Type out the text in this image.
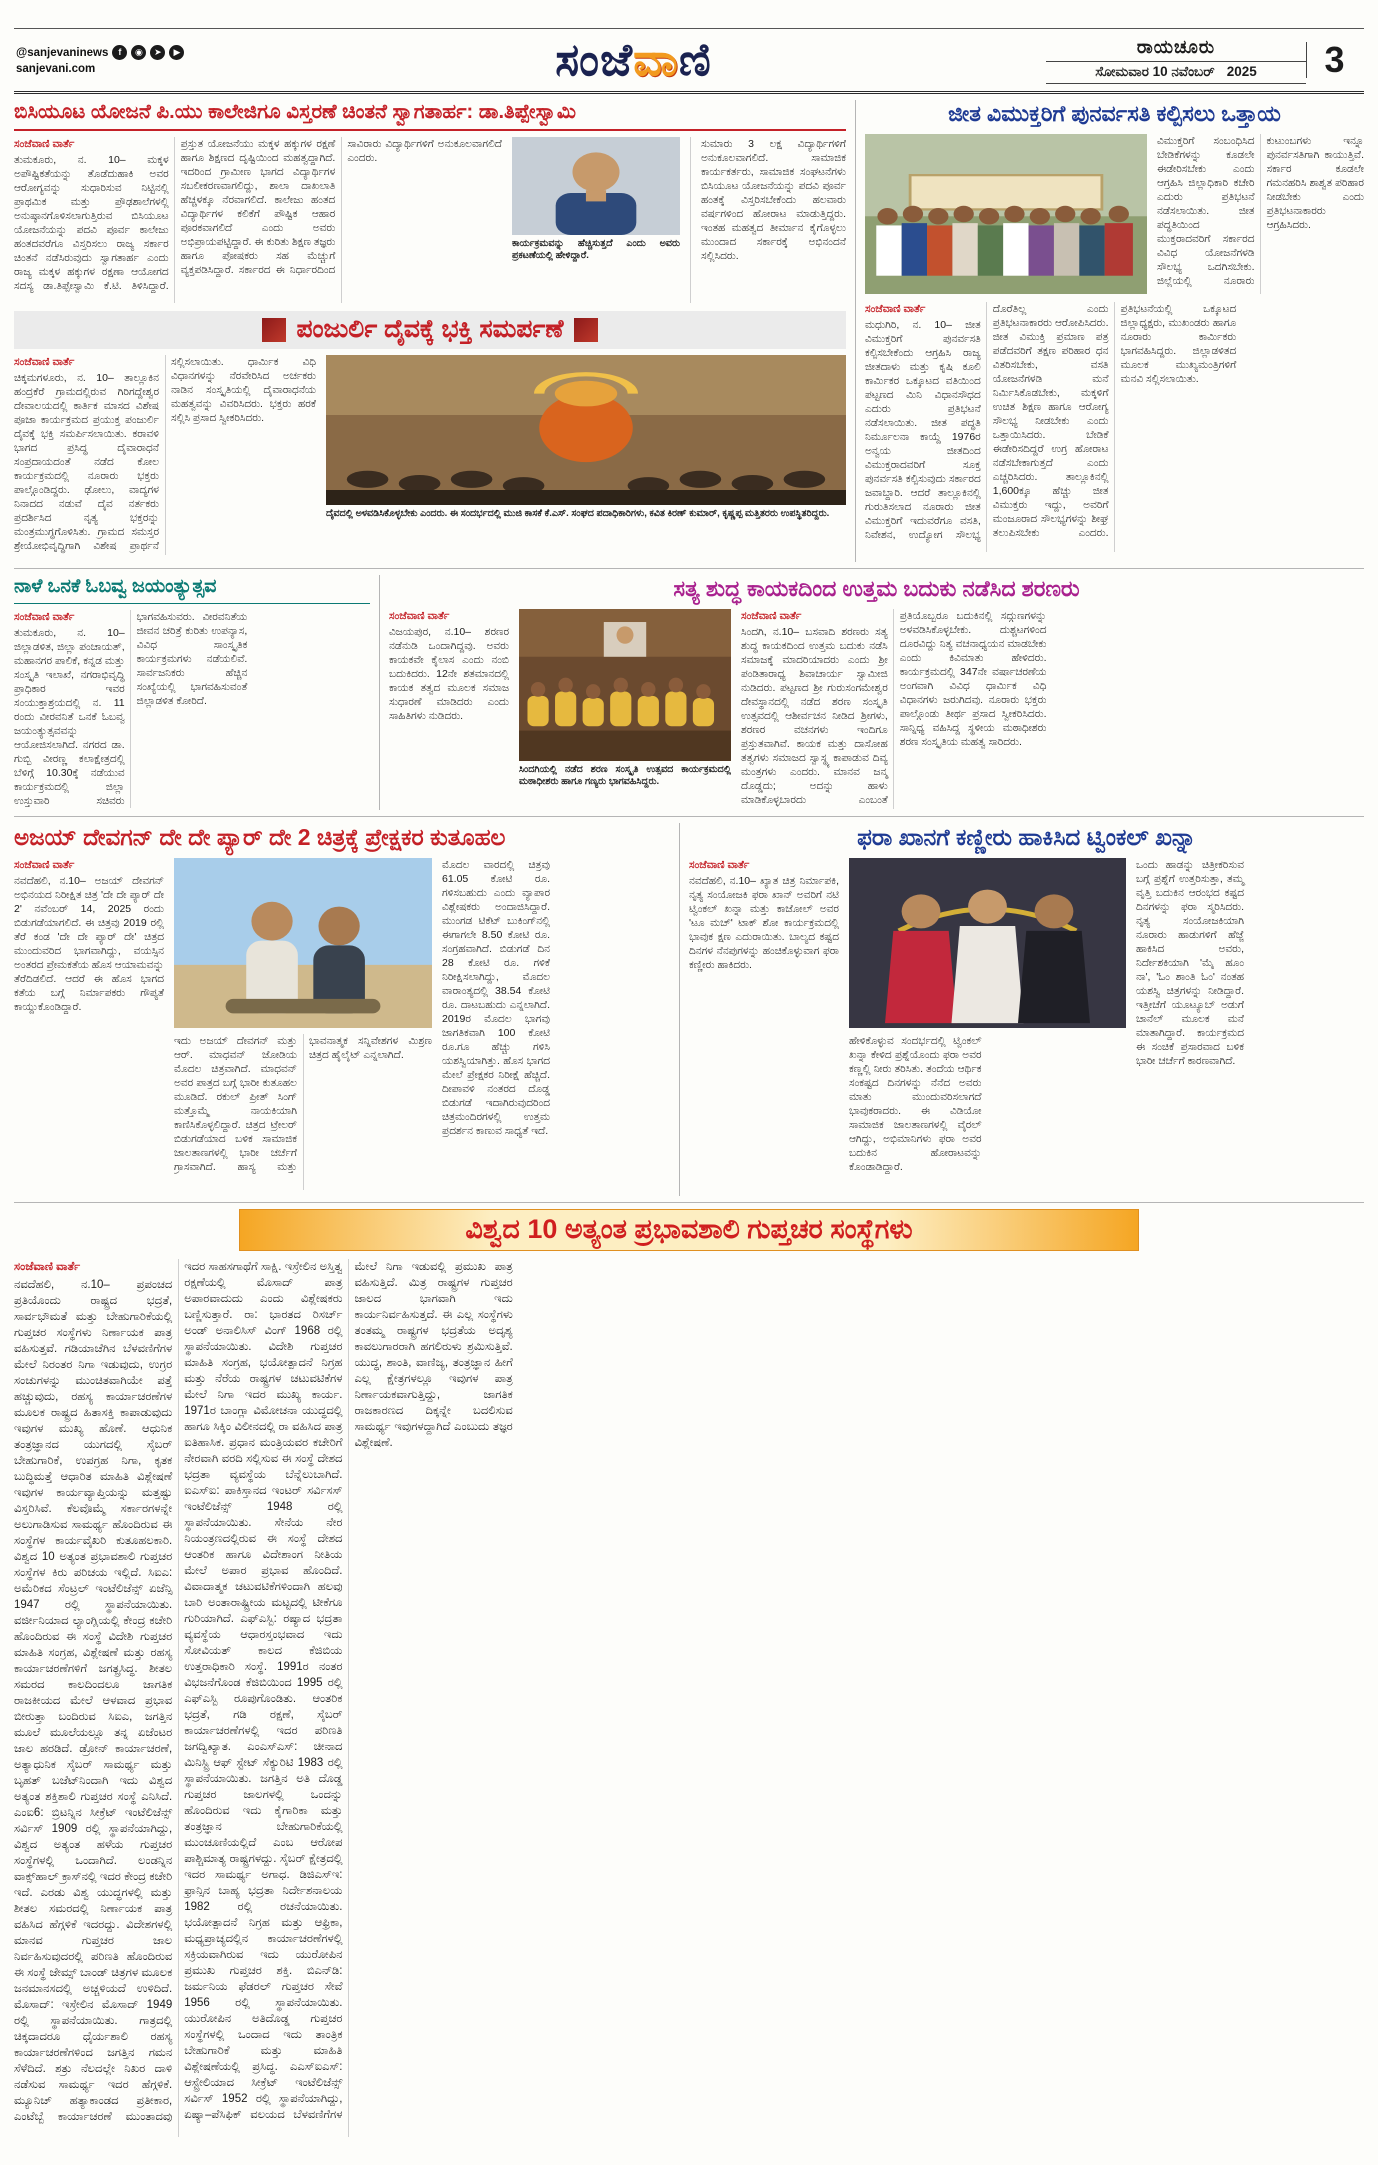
@sanjevaninews	f	◉	➤	▶
sanjevani.com	ಸಂಜೆವಾಣಿ	ರಾಯಚೂರು
ಸೋಮವಾರ 10 ನವೆಂಬರ್ 2025	3
ಬಿಸಿಯೂಟ ಯೋಜನೆ ಪಿ.ಯು ಕಾಲೇಜಿಗೂ ವಿಸ್ತರಣೆ ಚಿಂತನೆ ಸ್ವಾಗತಾರ್ಹ: ಡಾ.ತಿಪ್ಪೇಸ್ವಾಮಿ

ಸಂಜೆವಾಣಿ ವಾರ್ತೆ

ತುಮಕೂರು, ನ. 10– ಮಕ್ಕಳ ಅಪೌಷ್ಟಿಕತೆಯನ್ನು ತೊಡೆದುಹಾಕಿ ಅವರ ಆರೋಗ್ಯವನ್ನು ಸುಧಾರಿಸುವ ನಿಟ್ಟಿನಲ್ಲಿ ಪ್ರಾಥಮಿಕ ಮತ್ತು ಪ್ರೌಢಶಾಲೆಗಳಲ್ಲಿ ಅನುಷ್ಠಾನಗೊಳಿಸಲಾಗುತ್ತಿರುವ ಬಿಸಿಯೂಟ ಯೋಜನೆಯನ್ನು ಪದವಿ ಪೂರ್ವ ಕಾಲೇಜು ಹಂತದವರೆಗೂ ವಿಸ್ತರಿಸಲು ರಾಜ್ಯ ಸರ್ಕಾರ ಚಿಂತನೆ ನಡೆಸಿರುವುದು ಸ್ವಾಗತಾರ್ಹ ಎಂದು ರಾಜ್ಯ ಮಕ್ಕಳ ಹಕ್ಕುಗಳ ರಕ್ಷಣಾ ಆಯೋಗದ ಸದಸ್ಯ ಡಾ.ತಿಪ್ಪೇಸ್ವಾಮಿ ಕೆ.ಟಿ. ತಿಳಿಸಿದ್ದಾರೆ. ಪ್ರಸ್ತುತ ಯೋಜನೆಯು ಮಕ್ಕಳ ಹಕ್ಕುಗಳ ರಕ್ಷಣೆ ಹಾಗೂ ಶಿಕ್ಷಣದ ದೃಷ್ಟಿಯಿಂದ ಮಹತ್ವದ್ದಾಗಿದೆ. ಇದರಿಂದ ಗ್ರಾಮೀಣ ಭಾಗದ ವಿದ್ಯಾರ್ಥಿಗಳ ಸಬಲೀಕರಣವಾಗಲಿದ್ದು, ಶಾಲಾ ದಾಖಲಾತಿ ಹೆಚ್ಚಳಕ್ಕೂ ನೆರವಾಗಲಿದೆ. ಕಾಲೇಜು ಹಂತದ ವಿದ್ಯಾರ್ಥಿಗಳ ಕಲಿಕೆಗೆ ಪೌಷ್ಟಿಕ ಆಹಾರ ಪೂರಕವಾಗಲಿದೆ ಎಂದು ಅವರು ಅಭಿಪ್ರಾಯಪಟ್ಟಿದ್ದಾರೆ. ಈ ಕುರಿತು ಶಿಕ್ಷಣ ತಜ್ಞರು ಹಾಗೂ ಪೋಷಕರು ಸಹ ಮೆಚ್ಚುಗೆ ವ್ಯಕ್ತಪಡಿಸಿದ್ದಾರೆ. ಸರ್ಕಾರದ ಈ ನಿರ್ಧಾರದಿಂದ ಸಾವಿರಾರು ವಿದ್ಯಾರ್ಥಿಗಳಿಗೆ ಅನುಕೂಲವಾಗಲಿದೆ ಎಂದರು.

ಕಾರ್ಯಕ್ರಮವನ್ನು ಹೆಚ್ಚಿಸುತ್ತದೆ ಎಂದು ಅವರು ಪ್ರಕಟಣೆಯಲ್ಲಿ ಹೇಳಿದ್ದಾರೆ.

ಸುಮಾರು 3 ಲಕ್ಷ ವಿದ್ಯಾರ್ಥಿಗಳಿಗೆ ಅನುಕೂಲವಾಗಲಿದೆ. ಸಾಮಾಜಿಕ ಕಾರ್ಯಕರ್ತರು, ಸಾಮಾಜಿಕ ಸಂಘಟನೆಗಳು ಬಿಸಿಯೂಟ ಯೋಜನೆಯನ್ನು ಪದವಿ ಪೂರ್ವ ಹಂತಕ್ಕೆ ವಿಸ್ತರಿಸಬೇಕೆಂದು ಹಲವಾರು ವರ್ಷಗಳಿಂದ ಹೋರಾಟ ಮಾಡುತ್ತಿದ್ದರು. ಇಂತಹ ಮಹತ್ವದ ತೀರ್ಮಾನ ಕೈಗೊಳ್ಳಲು ಮುಂದಾದ ಸರ್ಕಾರಕ್ಕೆ ಅಭಿನಂದನೆ ಸಲ್ಲಿಸಿದರು.
ಪಂಜುರ್ಲಿ ದೈವಕ್ಕೆ ಭಕ್ತಿ ಸಮರ್ಪಣೆ

ಸಂಜೆವಾಣಿ ವಾರ್ತೆ

ಚಿಕ್ಕಮಗಳೂರು, ನ. 10– ತಾಲ್ಲೂಕಿನ ಹಂದ್ರಕೆರೆ ಗ್ರಾಮದಲ್ಲಿರುವ ಗಿರಿಗದ್ದೇಶ್ವರ ದೇವಾಲಯದಲ್ಲಿ ಕಾರ್ತಿಕ ಮಾಸದ ವಿಶೇಷ ಪೂಜಾ ಕಾರ್ಯಕ್ರಮದ ಪ್ರಯುಕ್ತ ಪಂಜುರ್ಲಿ ದೈವಕ್ಕೆ ಭಕ್ತಿ ಸಮರ್ಪಿಸಲಾಯಿತು. ಕರಾವಳಿ ಭಾಗದ ಪ್ರಸಿದ್ಧ ದೈವಾರಾಧನೆ ಸಂಪ್ರದಾಯದಂತೆ ನಡೆದ ಕೋಲ ಕಾರ್ಯಕ್ರಮದಲ್ಲಿ ನೂರಾರು ಭಕ್ತರು ಪಾಲ್ಗೊಂಡಿದ್ದರು. ಢೋಲು, ವಾದ್ಯಗಳ ನಿನಾದದ ನಡುವೆ ದೈವ ನರ್ತಕರು ಪ್ರದರ್ಶಿಸಿದ ನೃತ್ಯ ಭಕ್ತರನ್ನು ಮಂತ್ರಮುಗ್ಧಗೊಳಿಸಿತು. ಗ್ರಾಮದ ಸಮಸ್ತರ ಶ್ರೇಯೋಭಿವೃದ್ಧಿಗಾಗಿ ವಿಶೇಷ ಪ್ರಾರ್ಥನೆ ಸಲ್ಲಿಸಲಾಯಿತು. ಧಾರ್ಮಿಕ ವಿಧಿ ವಿಧಾನಗಳನ್ನು ನೆರವೇರಿಸಿದ ಅರ್ಚಕರು ನಾಡಿನ ಸಂಸ್ಕೃತಿಯಲ್ಲಿ ದೈವಾರಾಧನೆಯ ಮಹತ್ವವನ್ನು ವಿವರಿಸಿದರು. ಭಕ್ತರು ಹರಕೆ ಸಲ್ಲಿಸಿ ಪ್ರಸಾದ ಸ್ವೀಕರಿಸಿದರು.

ದೈವದಲ್ಲಿ ಅಳವಡಿಸಿಕೊಳ್ಳಬೇಕು ಎಂದರು. ಈ ಸಂದರ್ಭದಲ್ಲಿ ಮುಜಿ ಕಾಸಕೆ ಕೆ.ಎಸ್. ಸಂಘದ ಪದಾಧಿಕಾರಿಗಳು, ಕವಿತ ಕಿರಣ್ ಕುಮಾರ್, ಕೃಷ್ಣಪ್ಪ ಮತ್ತಿತರರು ಉಪಸ್ಥಿತರಿದ್ದರು.

ಜೀತ ವಿಮುಕ್ತರಿಗೆ ಪುನರ್ವಸತಿ ಕಲ್ಪಿಸಲು ಒತ್ತಾಯ

ವಿಮುಕ್ತರಿಗೆ ಸಂಬಂಧಿಸಿದ ಬೇಡಿಕೆಗಳನ್ನು ಕೂಡಲೇ ಈಡೇರಿಸಬೇಕು ಎಂದು ಆಗ್ರಹಿಸಿ ಜಿಲ್ಲಾಧಿಕಾರಿ ಕಚೇರಿ ಎದುರು ಪ್ರತಿಭಟನೆ ನಡೆಸಲಾಯಿತು. ಜೀತ ಪದ್ಧತಿಯಿಂದ ಮುಕ್ತರಾದವರಿಗೆ ಸರ್ಕಾರದ ವಿವಿಧ ಯೋಜನೆಗಳಡಿ ಸೌಲಭ್ಯ ಒದಗಿಸಬೇಕು. ಜಿಲ್ಲೆಯಲ್ಲಿ ನೂರಾರು ಕುಟುಂಬಗಳು ಇನ್ನೂ ಪುನರ್ವಸತಿಗಾಗಿ ಕಾಯುತ್ತಿವೆ. ಸರ್ಕಾರ ಕೂಡಲೇ ಗಮನಹರಿಸಿ ಶಾಶ್ವತ ಪರಿಹಾರ ನೀಡಬೇಕು ಎಂದು ಪ್ರತಿಭಟನಾಕಾರರು ಆಗ್ರಹಿಸಿದರು.

ಸಂಜೆವಾಣಿ ವಾರ್ತೆ

ಮಧುಗಿರಿ, ನ. 10– ಜೀತ ವಿಮುಕ್ತರಿಗೆ ಪುನರ್ವಸತಿ ಕಲ್ಪಿಸಬೇಕೆಂದು ಆಗ್ರಹಿಸಿ ರಾಜ್ಯ ಜೀತದಾಳು ಮತ್ತು ಕೃಷಿ ಕೂಲಿ ಕಾರ್ಮಿಕರ ಒಕ್ಕೂಟದ ವತಿಯಿಂದ ಪಟ್ಟಣದ ಮಿನಿ ವಿಧಾನಸೌಧದ ಎದುರು ಪ್ರತಿಭಟನೆ ನಡೆಸಲಾಯಿತು. ಜೀತ ಪದ್ಧತಿ ನಿರ್ಮೂಲನಾ ಕಾಯ್ದೆ 1976ರ ಅನ್ವಯ ಜೀತದಿಂದ ವಿಮುಕ್ತರಾದವರಿಗೆ ಸೂಕ್ತ ಪುನರ್ವಸತಿ ಕಲ್ಪಿಸುವುದು ಸರ್ಕಾರದ ಜವಾಬ್ದಾರಿ. ಆದರೆ ತಾಲ್ಲೂಕಿನಲ್ಲಿ ಗುರುತಿಸಲಾದ ನೂರಾರು ಜೀತ ವಿಮುಕ್ತರಿಗೆ ಇದುವರೆಗೂ ವಸತಿ, ನಿವೇಶನ, ಉದ್ಯೋಗ ಸೌಲಭ್ಯ ದೊರೆತಿಲ್ಲ ಎಂದು ಪ್ರತಿಭಟನಾಕಾರರು ಆರೋಪಿಸಿದರು. ಜೀತ ವಿಮುಕ್ತಿ ಪ್ರಮಾಣ ಪತ್ರ ಪಡೆದವರಿಗೆ ತಕ್ಷಣ ಪರಿಹಾರ ಧನ ವಿತರಿಸಬೇಕು, ವಸತಿ ಯೋಜನೆಗಳಡಿ ಮನೆ ನಿರ್ಮಿಸಿಕೊಡಬೇಕು, ಮಕ್ಕಳಿಗೆ ಉಚಿತ ಶಿಕ್ಷಣ ಹಾಗೂ ಆರೋಗ್ಯ ಸೌಲಭ್ಯ ನೀಡಬೇಕು ಎಂದು ಒತ್ತಾಯಿಸಿದರು. ಬೇಡಿಕೆ ಈಡೇರಿಸದಿದ್ದರೆ ಉಗ್ರ ಹೋರಾಟ ನಡೆಸಬೇಕಾಗುತ್ತದೆ ಎಂದು ಎಚ್ಚರಿಸಿದರು. ತಾಲ್ಲೂಕಿನಲ್ಲಿ 1,600ಕ್ಕೂ ಹೆಚ್ಚು ಜೀತ ವಿಮುಕ್ತರು ಇದ್ದು, ಅವರಿಗೆ ಮಂಜೂರಾದ ಸೌಲಭ್ಯಗಳನ್ನು ಶೀಘ್ರ ತಲುಪಿಸಬೇಕು ಎಂದರು. ಪ್ರತಿಭಟನೆಯಲ್ಲಿ ಒಕ್ಕೂಟದ ಜಿಲ್ಲಾಧ್ಯಕ್ಷರು, ಮುಖಂಡರು ಹಾಗೂ ನೂರಾರು ಕಾರ್ಮಿಕರು ಭಾಗವಹಿಸಿದ್ದರು. ಜಿಲ್ಲಾಡಳಿತದ ಮೂಲಕ ಮುಖ್ಯಮಂತ್ರಿಗಳಿಗೆ ಮನವಿ ಸಲ್ಲಿಸಲಾಯಿತು.

ನಾಳೆ ಒನಕೆ ಓಬವ್ವ ಜಯಂತ್ಯುತ್ಸವ

ಸಂಜೆವಾಣಿ ವಾರ್ತೆ

ತುಮಕೂರು, ನ. 10– ಜಿಲ್ಲಾಡಳಿತ, ಜಿಲ್ಲಾ ಪಂಚಾಯತ್, ಮಹಾನಗರ ಪಾಲಿಕೆ, ಕನ್ನಡ ಮತ್ತು ಸಂಸ್ಕೃತಿ ಇಲಾಖೆ, ನಗರಾಭಿವೃದ್ಧಿ ಪ್ರಾಧಿಕಾರ ಇವರ ಸಂಯುಕ್ತಾಶ್ರಯದಲ್ಲಿ ನ. 11 ರಂದು ವೀರವನಿತೆ ಒನಕೆ ಓಬವ್ವ ಜಯಂತ್ಯುತ್ಸವವನ್ನು ಆಯೋಜಿಸಲಾಗಿದೆ. ನಗರದ ಡಾ. ಗುಬ್ಬಿ ವೀರಣ್ಣ ಕಲಾಕ್ಷೇತ್ರದಲ್ಲಿ ಬೆಳಿಗ್ಗೆ 10.30ಕ್ಕೆ ನಡೆಯುವ ಕಾರ್ಯಕ್ರಮದಲ್ಲಿ ಜಿಲ್ಲಾ ಉಸ್ತುವಾರಿ ಸಚಿವರು ಭಾಗವಹಿಸುವರು. ವೀರವನಿತೆಯ ಜೀವನ ಚರಿತ್ರೆ ಕುರಿತು ಉಪನ್ಯಾಸ, ವಿವಿಧ ಸಾಂಸ್ಕೃತಿಕ ಕಾರ್ಯಕ್ರಮಗಳು ನಡೆಯಲಿವೆ. ಸಾರ್ವಜನಿಕರು ಹೆಚ್ಚಿನ ಸಂಖ್ಯೆಯಲ್ಲಿ ಭಾಗವಹಿಸುವಂತೆ ಜಿಲ್ಲಾಡಳಿತ ಕೋರಿದೆ.

ಸತ್ಯ ಶುದ್ಧ ಕಾಯಕದಿಂದ ಉತ್ತಮ ಬದುಕು ನಡೆಸಿದ ಶರಣರು

ಸಂಜೆವಾಣಿ ವಾರ್ತೆ

ವಿಜಯಪುರ, ನ.10– ಶರಣರ ನಡೆನುಡಿ ಒಂದಾಗಿದ್ದವು. ಅವರು ಕಾಯಕವೇ ಕೈಲಾಸ ಎಂದು ನಂಬಿ ಬದುಕಿದರು. 12ನೇ ಶತಮಾನದಲ್ಲಿ ಕಾಯಕ ತತ್ವದ ಮೂಲಕ ಸಮಾಜ ಸುಧಾರಣೆ ಮಾಡಿದರು ಎಂದು ಸಾಹಿತಿಗಳು ನುಡಿದರು.

ಸಿಂದಗಿಯಲ್ಲಿ ನಡೆದ ಶರಣ ಸಂಸ್ಕೃತಿ ಉತ್ಸವದ ಕಾರ್ಯಕ್ರಮದಲ್ಲಿ ಮಠಾಧೀಶರು ಹಾಗೂ ಗಣ್ಯರು ಭಾಗವಹಿಸಿದ್ದರು.

ಸಂಜೆವಾಣಿ ವಾರ್ತೆ

ಸಿಂದಗಿ, ನ.10– ಬಸವಾದಿ ಶರಣರು ಸತ್ಯ ಶುದ್ಧ ಕಾಯಕದಿಂದ ಉತ್ತಮ ಬದುಕು ನಡೆಸಿ ಸಮಾಜಕ್ಕೆ ಮಾದರಿಯಾದರು ಎಂದು ಶ್ರೀ ಪಂಡಿತಾರಾಧ್ಯ ಶಿವಾಚಾರ್ಯ ಸ್ವಾಮೀಜಿ ನುಡಿದರು. ಪಟ್ಟಣದ ಶ್ರೀ ಗುರುಸಂಗಮೇಶ್ವರ ದೇವಸ್ಥಾನದಲ್ಲಿ ನಡೆದ ಶರಣ ಸಂಸ್ಕೃತಿ ಉತ್ಸವದಲ್ಲಿ ಆಶೀರ್ವಚನ ನೀಡಿದ ಶ್ರೀಗಳು, ಶರಣರ ವಚನಗಳು ಇಂದಿಗೂ ಪ್ರಸ್ತುತವಾಗಿವೆ. ಕಾಯಕ ಮತ್ತು ದಾಸೋಹ ತತ್ವಗಳು ಸಮಾಜದ ಸ್ವಾಸ್ಥ್ಯ ಕಾಪಾಡುವ ದಿವ್ಯ ಮಂತ್ರಗಳು ಎಂದರು. ಮಾನವ ಜನ್ಮ ದೊಡ್ಡದು; ಅದನ್ನು ಹಾಳು ಮಾಡಿಕೊಳ್ಳಬಾರದು ಎಂಬಂತೆ ಪ್ರತಿಯೊಬ್ಬರೂ ಬದುಕಿನಲ್ಲಿ ಸದ್ಗುಣಗಳನ್ನು ಅಳವಡಿಸಿಕೊಳ್ಳಬೇಕು. ದುಶ್ಚಟಗಳಿಂದ ದೂರವಿದ್ದು ನಿತ್ಯ ವಚನಾಧ್ಯಯನ ಮಾಡಬೇಕು ಎಂದು ಕಿವಿಮಾತು ಹೇಳಿದರು. ಕಾರ್ಯಕ್ರಮದಲ್ಲಿ 347ನೇ ವರ್ಷಾಚರಣೆಯ ಅಂಗವಾಗಿ ವಿವಿಧ ಧಾರ್ಮಿಕ ವಿಧಿ ವಿಧಾನಗಳು ಜರುಗಿದವು. ನೂರಾರು ಭಕ್ತರು ಪಾಲ್ಗೊಂಡು ತೀರ್ಥ ಪ್ರಸಾದ ಸ್ವೀಕರಿಸಿದರು. ಸಾನ್ನಿಧ್ಯ ವಹಿಸಿದ್ದ ಸ್ಥಳೀಯ ಮಠಾಧೀಶರು ಶರಣ ಸಂಸ್ಕೃತಿಯ ಮಹತ್ವ ಸಾರಿದರು.

ಅಜಯ್ ದೇವಗನ್ ದೇ ದೇ ಪ್ಯಾರ್ ದೇ 2 ಚಿತ್ರಕ್ಕೆ ಪ್ರೇಕ್ಷಕರ ಕುತೂಹಲ

ಸಂಜೆವಾಣಿ ವಾರ್ತೆ

ನವದೆಹಲಿ, ನ.10– ಅಜಯ್ ದೇವಗನ್ ಅಭಿನಯದ ನಿರೀಕ್ಷಿತ ಚಿತ್ರ 'ದೇ ದೇ ಪ್ಯಾರ್ ದೇ 2' ನವೆಂಬರ್ 14, 2025 ರಂದು ಬಿಡುಗಡೆಯಾಗಲಿದೆ. ಈ ಚಿತ್ರವು 2019 ರಲ್ಲಿ ತೆರೆ ಕಂಡ 'ದೇ ದೇ ಪ್ಯಾರ್ ದೇ' ಚಿತ್ರದ ಮುಂದುವರಿದ ಭಾಗವಾಗಿದ್ದು, ವಯಸ್ಸಿನ ಅಂತರದ ಪ್ರೇಮಕತೆಯ ಹೊಸ ಆಯಾಮವನ್ನು ತೆರೆದಿಡಲಿದೆ. ಆದರೆ ಈ ಹೊಸ ಭಾಗದ ಕತೆಯ ಬಗ್ಗೆ ನಿರ್ಮಾಪಕರು ಗೌಪ್ಯತೆ ಕಾಯ್ದುಕೊಂಡಿದ್ದಾರೆ.

ಇದು ಅಜಯ್ ದೇವಗನ್ ಮತ್ತು ಆರ್. ಮಾಧವನ್ ಜೋಡಿಯ ಮೊದಲ ಚಿತ್ರವಾಗಿದೆ. ಮಾಧವನ್ ಅವರ ಪಾತ್ರದ ಬಗ್ಗೆ ಭಾರೀ ಕುತೂಹಲ ಮೂಡಿದೆ. ರಕುಲ್ ಪ್ರೀತ್ ಸಿಂಗ್ ಮತ್ತೊಮ್ಮೆ ನಾಯಕಿಯಾಗಿ ಕಾಣಿಸಿಕೊಳ್ಳಲಿದ್ದಾರೆ. ಚಿತ್ರದ ಟ್ರೇಲರ್ ಬಿಡುಗಡೆಯಾದ ಬಳಿಕ ಸಾಮಾಜಿಕ ಜಾಲತಾಣಗಳಲ್ಲಿ ಭಾರೀ ಚರ್ಚೆಗೆ ಗ್ರಾಸವಾಗಿದೆ. ಹಾಸ್ಯ ಮತ್ತು ಭಾವನಾತ್ಮಕ ಸನ್ನಿವೇಶಗಳ ಮಿಶ್ರಣ ಚಿತ್ರದ ಹೈಲೈಟ್ ಎನ್ನಲಾಗಿದೆ.

ಮೊದಲ ವಾರದಲ್ಲಿ ಚಿತ್ರವು 61.05 ಕೋಟಿ ರೂ. ಗಳಿಸಬಹುದು ಎಂದು ವ್ಯಾಪಾರ ವಿಶ್ಲೇಷಕರು ಅಂದಾಜಿಸಿದ್ದಾರೆ. ಮುಂಗಡ ಟಿಕೆಟ್ ಬುಕಿಂಗ್‌ನಲ್ಲಿ ಈಗಾಗಲೇ 8.50 ಕೋಟಿ ರೂ. ಸಂಗ್ರಹವಾಗಿದೆ. ಬಿಡುಗಡೆ ದಿನ 28 ಕೋಟಿ ರೂ. ಗಳಿಕೆ ನಿರೀಕ್ಷಿಸಲಾಗಿದ್ದು, ಮೊದಲ ವಾರಾಂತ್ಯದಲ್ಲಿ 38.54 ಕೋಟಿ ರೂ. ದಾಟಬಹುದು ಎನ್ನಲಾಗಿದೆ. 2019ರ ಮೊದಲ ಭಾಗವು ಜಾಗತಿಕವಾಗಿ 100 ಕೋಟಿ ರೂ.ಗೂ ಹೆಚ್ಚು ಗಳಿಸಿ ಯಶಸ್ವಿಯಾಗಿತ್ತು. ಹೊಸ ಭಾಗದ ಮೇಲೆ ಪ್ರೇಕ್ಷಕರ ನಿರೀಕ್ಷೆ ಹೆಚ್ಚಿದೆ. ದೀಪಾವಳಿ ನಂತರದ ದೊಡ್ಡ ಬಿಡುಗಡೆ ಇದಾಗಿರುವುದರಿಂದ ಚಿತ್ರಮಂದಿರಗಳಲ್ಲಿ ಉತ್ತಮ ಪ್ರದರ್ಶನ ಕಾಣುವ ಸಾಧ್ಯತೆ ಇದೆ.

ಫರಾ ಖಾನಗೆ ಕಣ್ಣೀರು ಹಾಕಿಸಿದ ಟ್ವಿಂಕಲ್ ಖನ್ನಾ

ಸಂಜೆವಾಣಿ ವಾರ್ತೆ

ನವದೆಹಲಿ, ನ.10– ಖ್ಯಾತ ಚಿತ್ರ ನಿರ್ಮಾಪಕಿ, ನೃತ್ಯ ಸಂಯೋಜಕಿ ಫರಾ ಖಾನ್ ಅವರಿಗೆ ನಟಿ ಟ್ವಿಂಕಲ್ ಖನ್ನಾ ಮತ್ತು ಕಾಜೋಲ್ ಅವರ 'ಟೂ ಮಚ್' ಟಾಕ್ ಶೋ ಕಾರ್ಯಕ್ರಮದಲ್ಲಿ ಭಾವುಕ ಕ್ಷಣ ಎದುರಾಯಿತು. ಬಾಲ್ಯದ ಕಷ್ಟದ ದಿನಗಳ ನೆನಪುಗಳನ್ನು ಹಂಚಿಕೊಳ್ಳುವಾಗ ಫರಾ ಕಣ್ಣೀರು ಹಾಕಿದರು.

ಹೇಳಿಕೊಳ್ಳುವ ಸಂದರ್ಭದಲ್ಲಿ ಟ್ವಿಂಕಲ್ ಖನ್ನಾ ಕೇಳಿದ ಪ್ರಶ್ನೆಯೊಂದು ಫರಾ ಅವರ ಕಣ್ಣಲ್ಲಿ ನೀರು ತರಿಸಿತು. ತಂದೆಯ ಆರ್ಥಿಕ ಸಂಕಷ್ಟದ ದಿನಗಳನ್ನು ನೆನೆದ ಅವರು ಮಾತು ಮುಂದುವರಿಸಲಾಗದೆ ಭಾವುಕರಾದರು. ಈ ವಿಡಿಯೋ ಸಾಮಾಜಿಕ ಜಾಲತಾಣಗಳಲ್ಲಿ ವೈರಲ್ ಆಗಿದ್ದು, ಅಭಿಮಾನಿಗಳು ಫರಾ ಅವರ ಬದುಕಿನ ಹೋರಾಟವನ್ನು ಕೊಂಡಾಡಿದ್ದಾರೆ.

ಒಂದು ಹಾಡನ್ನು ಚಿತ್ರೀಕರಿಸುವ ಬಗ್ಗೆ ಪ್ರಶ್ನೆಗೆ ಉತ್ತರಿಸುತ್ತಾ, ತಮ್ಮ ವೃತ್ತಿ ಬದುಕಿನ ಆರಂಭದ ಕಷ್ಟದ ದಿನಗಳನ್ನು ಫರಾ ಸ್ಮರಿಸಿದರು. ನೃತ್ಯ ಸಂಯೋಜಕಿಯಾಗಿ ನೂರಾರು ಹಾಡುಗಳಿಗೆ ಹೆಜ್ಜೆ ಹಾಕಿಸಿದ ಅವರು, ನಿರ್ದೇಶಕಿಯಾಗಿ 'ಮೈ ಹೂಂ ನಾ', 'ಓಂ ಶಾಂತಿ ಓಂ' ನಂತಹ ಯಶಸ್ವಿ ಚಿತ್ರಗಳನ್ನು ನೀಡಿದ್ದಾರೆ. ಇತ್ತೀಚೆಗೆ ಯೂಟ್ಯೂಬ್ ಅಡುಗೆ ಚಾನೆಲ್ ಮೂಲಕ ಮನೆ ಮಾತಾಗಿದ್ದಾರೆ. ಕಾರ್ಯಕ್ರಮದ ಈ ಸಂಚಿಕೆ ಪ್ರಸಾರವಾದ ಬಳಿಕ ಭಾರೀ ಚರ್ಚೆಗೆ ಕಾರಣವಾಗಿದೆ.

ವಿಶ್ವದ 10 ಅತ್ಯಂತ ಪ್ರಭಾವಶಾಲಿ ಗುಪ್ತಚರ ಸಂಸ್ಥೆಗಳು

ಸಂಜೆವಾಣಿ ವಾರ್ತೆ

ನವದೆಹಲಿ, ನ.10– ಪ್ರಪಂಚದ ಪ್ರತಿಯೊಂದು ರಾಷ್ಟ್ರದ ಭದ್ರತೆ, ಸಾರ್ವಭೌಮತೆ ಮತ್ತು ಬೇಹುಗಾರಿಕೆಯಲ್ಲಿ ಗುಪ್ತಚರ ಸಂಸ್ಥೆಗಳು ನಿರ್ಣಾಯಕ ಪಾತ್ರ ವಹಿಸುತ್ತವೆ. ಗಡಿಯಾಚೆಗಿನ ಬೆಳವಣಿಗೆಗಳ ಮೇಲೆ ನಿರಂತರ ನಿಗಾ ಇಡುವುದು, ಉಗ್ರರ ಸಂಚುಗಳನ್ನು ಮುಂಚಿತವಾಗಿಯೇ ಪತ್ತೆ ಹಚ್ಚುವುದು, ರಹಸ್ಯ ಕಾರ್ಯಾಚರಣೆಗಳ ಮೂಲಕ ರಾಷ್ಟ್ರದ ಹಿತಾಸಕ್ತಿ ಕಾಪಾಡುವುದು ಇವುಗಳ ಮುಖ್ಯ ಹೊಣೆ. ಆಧುನಿಕ ತಂತ್ರಜ್ಞಾನದ ಯುಗದಲ್ಲಿ ಸೈಬರ್ ಬೇಹುಗಾರಿಕೆ, ಉಪಗ್ರಹ ನಿಗಾ, ಕೃತಕ ಬುದ್ಧಿಮತ್ತೆ ಆಧಾರಿತ ಮಾಹಿತಿ ವಿಶ್ಲೇಷಣೆ ಇವುಗಳ ಕಾರ್ಯವ್ಯಾಪ್ತಿಯನ್ನು ಮತ್ತಷ್ಟು ವಿಸ್ತರಿಸಿವೆ. ಕೆಲವೊಮ್ಮೆ ಸರ್ಕಾರಗಳನ್ನೇ ಅಲುಗಾಡಿಸುವ ಸಾಮರ್ಥ್ಯ ಹೊಂದಿರುವ ಈ ಸಂಸ್ಥೆಗಳ ಕಾರ್ಯವೈಖರಿ ಕುತೂಹಲಕಾರಿ. ವಿಶ್ವದ 10 ಅತ್ಯಂತ ಪ್ರಭಾವಶಾಲಿ ಗುಪ್ತಚರ ಸಂಸ್ಥೆಗಳ ಕಿರು ಪರಿಚಯ ಇಲ್ಲಿದೆ. ಸಿಐಎ: ಅಮೆರಿಕದ ಸೆಂಟ್ರಲ್ ಇಂಟೆಲಿಜೆನ್ಸ್ ಏಜೆನ್ಸಿ 1947 ರಲ್ಲಿ ಸ್ಥಾಪನೆಯಾಯಿತು. ವರ್ಜೀನಿಯಾದ ಲ್ಯಾಂಗ್ಲಿಯಲ್ಲಿ ಕೇಂದ್ರ ಕಚೇರಿ ಹೊಂದಿರುವ ಈ ಸಂಸ್ಥೆ ವಿದೇಶಿ ಗುಪ್ತಚರ ಮಾಹಿತಿ ಸಂಗ್ರಹ, ವಿಶ್ಲೇಷಣೆ ಮತ್ತು ರಹಸ್ಯ ಕಾರ್ಯಾಚರಣೆಗಳಿಗೆ ಜಗತ್ಪ್ರಸಿದ್ಧ. ಶೀತಲ ಸಮರದ ಕಾಲದಿಂದಲೂ ಜಾಗತಿಕ ರಾಜಕೀಯದ ಮೇಲೆ ಆಳವಾದ ಪ್ರಭಾವ ಬೀರುತ್ತಾ ಬಂದಿರುವ ಸಿಐಎ, ಜಗತ್ತಿನ ಮೂಲೆ ಮೂಲೆಯಲ್ಲೂ ತನ್ನ ಏಜೆಂಟರ ಜಾಲ ಹರಡಿದೆ. ಡ್ರೋನ್ ಕಾರ್ಯಾಚರಣೆ, ಅತ್ಯಾಧುನಿಕ ಸೈಬರ್ ಸಾಮರ್ಥ್ಯ ಮತ್ತು ಬೃಹತ್ ಬಜೆಟ್‌ನಿಂದಾಗಿ ಇದು ವಿಶ್ವದ ಅತ್ಯಂತ ಶಕ್ತಿಶಾಲಿ ಗುಪ್ತಚರ ಸಂಸ್ಥೆ ಎನಿಸಿದೆ. ಎಂಐ6: ಬ್ರಿಟನ್ನಿನ ಸೀಕ್ರೆಟ್ ಇಂಟೆಲಿಜೆನ್ಸ್ ಸರ್ವಿಸ್ 1909 ರಲ್ಲಿ ಸ್ಥಾಪನೆಯಾಗಿದ್ದು, ವಿಶ್ವದ ಅತ್ಯಂತ ಹಳೆಯ ಗುಪ್ತಚರ ಸಂಸ್ಥೆಗಳಲ್ಲಿ ಒಂದಾಗಿದೆ. ಲಂಡನ್ನಿನ ವಾಕ್ಸ್‌ಹಾಲ್ ಕ್ರಾಸ್‌ನಲ್ಲಿ ಇದರ ಕೇಂದ್ರ ಕಚೇರಿ ಇದೆ. ಎರಡು ವಿಶ್ವ ಯುದ್ಧಗಳಲ್ಲಿ ಮತ್ತು ಶೀತಲ ಸಮರದಲ್ಲಿ ನಿರ್ಣಾಯಕ ಪಾತ್ರ ವಹಿಸಿದ ಹೆಗ್ಗಳಿಕೆ ಇದರದ್ದು. ವಿದೇಶಗಳಲ್ಲಿ ಮಾನವ ಗುಪ್ತಚರ ಜಾಲ ನಿರ್ವಹಿಸುವುದರಲ್ಲಿ ಪರಿಣತಿ ಹೊಂದಿರುವ ಈ ಸಂಸ್ಥೆ ಜೇಮ್ಸ್ ಬಾಂಡ್ ಚಿತ್ರಗಳ ಮೂಲಕ ಜನಮಾನಸದಲ್ಲಿ ಅಚ್ಚಳಿಯದೆ ಉಳಿದಿದೆ. ಮೊಸಾದ್: ಇಸ್ರೇಲಿನ ಮೊಸಾದ್ 1949 ರಲ್ಲಿ ಸ್ಥಾಪನೆಯಾಯಿತು. ಗಾತ್ರದಲ್ಲಿ ಚಿಕ್ಕದಾದರೂ ಧೈರ್ಯಶಾಲಿ ರಹಸ್ಯ ಕಾರ್ಯಾಚರಣೆಗಳಿಂದ ಜಗತ್ತಿನ ಗಮನ ಸೆಳೆದಿದೆ. ಶತ್ರು ನೆಲದಲ್ಲೇ ನಿಖರ ದಾಳಿ ನಡೆಸುವ ಸಾಮರ್ಥ್ಯ ಇದರ ಹೆಗ್ಗಳಿಕೆ. ಮ್ಯೂನಿಚ್ ಹತ್ಯಾಕಾಂಡದ ಪ್ರತೀಕಾರ, ಎಂಟೆಬ್ಬೆ ಕಾರ್ಯಾಚರಣೆ ಮುಂತಾದವು ಇದರ ಸಾಹಸಗಾಥೆಗೆ ಸಾಕ್ಷಿ. ಇಸ್ರೇಲಿನ ಅಸ್ತಿತ್ವ ರಕ್ಷಣೆಯಲ್ಲಿ ಮೊಸಾದ್ ಪಾತ್ರ ಅಪಾರವಾದುದು ಎಂದು ವಿಶ್ಲೇಷಕರು ಬಣ್ಣಿಸುತ್ತಾರೆ. ರಾ: ಭಾರತದ ರಿಸರ್ಚ್ ಅಂಡ್ ಅನಾಲಿಸಿಸ್ ವಿಂಗ್ 1968 ರಲ್ಲಿ ಸ್ಥಾಪನೆಯಾಯಿತು. ವಿದೇಶಿ ಗುಪ್ತಚರ ಮಾಹಿತಿ ಸಂಗ್ರಹ, ಭಯೋತ್ಪಾದನೆ ನಿಗ್ರಹ ಮತ್ತು ನೆರೆಯ ರಾಷ್ಟ್ರಗಳ ಚಟುವಟಿಕೆಗಳ ಮೇಲೆ ನಿಗಾ ಇದರ ಮುಖ್ಯ ಕಾರ್ಯ. 1971ರ ಬಾಂಗ್ಲಾ ವಿಮೋಚನಾ ಯುದ್ಧದಲ್ಲಿ ಹಾಗೂ ಸಿಕ್ಕಿಂ ವಿಲೀನದಲ್ಲಿ ರಾ ವಹಿಸಿದ ಪಾತ್ರ ಐತಿಹಾಸಿಕ. ಪ್ರಧಾನ ಮಂತ್ರಿಯವರ ಕಚೇರಿಗೆ ನೇರವಾಗಿ ವರದಿ ಸಲ್ಲಿಸುವ ಈ ಸಂಸ್ಥೆ ದೇಶದ ಭದ್ರತಾ ವ್ಯವಸ್ಥೆಯ ಬೆನ್ನೆಲುಬಾಗಿದೆ. ಐಎಸ್ಐ: ಪಾಕಿಸ್ತಾನದ ಇಂಟರ್ ಸರ್ವಿಸಸ್ ಇಂಟೆಲಿಜೆನ್ಸ್ 1948 ರಲ್ಲಿ ಸ್ಥಾಪನೆಯಾಯಿತು. ಸೇನೆಯ ನೇರ ನಿಯಂತ್ರಣದಲ್ಲಿರುವ ಈ ಸಂಸ್ಥೆ ದೇಶದ ಆಂತರಿಕ ಹಾಗೂ ವಿದೇಶಾಂಗ ನೀತಿಯ ಮೇಲೆ ಅಪಾರ ಪ್ರಭಾವ ಹೊಂದಿದೆ. ವಿವಾದಾತ್ಮಕ ಚಟುವಟಿಕೆಗಳಿಂದಾಗಿ ಹಲವು ಬಾರಿ ಅಂತಾರಾಷ್ಟ್ರೀಯ ಮಟ್ಟದಲ್ಲಿ ಟೀಕೆಗೂ ಗುರಿಯಾಗಿದೆ. ಎಫ್ಎಸ್ಬಿ: ರಷ್ಯಾದ ಭದ್ರತಾ ವ್ಯವಸ್ಥೆಯ ಆಧಾರಸ್ತಂಭವಾದ ಇದು ಸೋವಿಯತ್ ಕಾಲದ ಕೆಜಿಬಿಯ ಉತ್ತರಾಧಿಕಾರಿ ಸಂಸ್ಥೆ. 1991ರ ನಂತರ ವಿಭಜನೆಗೊಂಡ ಕೆಜಿಬಿಯಿಂದ 1995 ರಲ್ಲಿ ಎಫ್ಎಸ್ಬಿ ರೂಪುಗೊಂಡಿತು. ಆಂತರಿಕ ಭದ್ರತೆ, ಗಡಿ ರಕ್ಷಣೆ, ಸೈಬರ್ ಕಾರ್ಯಾಚರಣೆಗಳಲ್ಲಿ ಇದರ ಪರಿಣತಿ ಜಗದ್ವಿಖ್ಯಾತ. ಎಂಎಸ್ಎಸ್: ಚೀನಾದ ಮಿನಿಸ್ಟ್ರಿ ಆಫ್ ಸ್ಟೇಟ್ ಸೆಕ್ಯುರಿಟಿ 1983 ರಲ್ಲಿ ಸ್ಥಾಪನೆಯಾಯಿತು. ಜಗತ್ತಿನ ಅತಿ ದೊಡ್ಡ ಗುಪ್ತಚರ ಜಾಲಗಳಲ್ಲಿ ಒಂದನ್ನು ಹೊಂದಿರುವ ಇದು ಕೈಗಾರಿಕಾ ಮತ್ತು ತಂತ್ರಜ್ಞಾನ ಬೇಹುಗಾರಿಕೆಯಲ್ಲಿ ಮುಂಚೂಣಿಯಲ್ಲಿದೆ ಎಂಬ ಆರೋಪ ಪಾಶ್ಚಿಮಾತ್ಯ ರಾಷ್ಟ್ರಗಳದ್ದು. ಸೈಬರ್ ಕ್ಷೇತ್ರದಲ್ಲಿ ಇದರ ಸಾಮರ್ಥ್ಯ ಅಗಾಧ. ಡಿಜಿಎಸ್ಇ: ಫ್ರಾನ್ಸಿನ ಬಾಹ್ಯ ಭದ್ರತಾ ನಿರ್ದೇಶನಾಲಯ 1982 ರಲ್ಲಿ ರಚನೆಯಾಯಿತು. ಭಯೋತ್ಪಾದನೆ ನಿಗ್ರಹ ಮತ್ತು ಆಫ್ರಿಕಾ, ಮಧ್ಯಪ್ರಾಚ್ಯದಲ್ಲಿನ ಕಾರ್ಯಾಚರಣೆಗಳಲ್ಲಿ ಸಕ್ರಿಯವಾಗಿರುವ ಇದು ಯುರೋಪಿನ ಪ್ರಮುಖ ಗುಪ್ತಚರ ಶಕ್ತಿ. ಬಿಎನ್‌ಡಿ: ಜರ್ಮನಿಯ ಫೆಡರಲ್ ಗುಪ್ತಚರ ಸೇವೆ 1956 ರಲ್ಲಿ ಸ್ಥಾಪನೆಯಾಯಿತು. ಯುರೋಪಿನ ಅತಿದೊಡ್ಡ ಗುಪ್ತಚರ ಸಂಸ್ಥೆಗಳಲ್ಲಿ ಒಂದಾದ ಇದು ತಾಂತ್ರಿಕ ಬೇಹುಗಾರಿಕೆ ಮತ್ತು ಮಾಹಿತಿ ವಿಶ್ಲೇಷಣೆಯಲ್ಲಿ ಪ್ರಸಿದ್ಧ. ಎಎಸ್ಐಎಸ್: ಆಸ್ಟ್ರೇಲಿಯಾದ ಸೀಕ್ರೆಟ್ ಇಂಟೆಲಿಜೆನ್ಸ್ ಸರ್ವಿಸ್ 1952 ರಲ್ಲಿ ಸ್ಥಾಪನೆಯಾಗಿದ್ದು, ಏಷ್ಯಾ–ಪೆಸಿಫಿಕ್ ವಲಯದ ಬೆಳವಣಿಗೆಗಳ ಮೇಲೆ ನಿಗಾ ಇಡುವಲ್ಲಿ ಪ್ರಮುಖ ಪಾತ್ರ ವಹಿಸುತ್ತಿದೆ. ಮಿತ್ರ ರಾಷ್ಟ್ರಗಳ ಗುಪ್ತಚರ ಜಾಲದ ಭಾಗವಾಗಿ ಇದು ಕಾರ್ಯನಿರ್ವಹಿಸುತ್ತದೆ. ಈ ಎಲ್ಲ ಸಂಸ್ಥೆಗಳು ತಂತಮ್ಮ ರಾಷ್ಟ್ರಗಳ ಭದ್ರತೆಯ ಅದೃಶ್ಯ ಕಾವಲುಗಾರರಾಗಿ ಹಗಲಿರುಳು ಶ್ರಮಿಸುತ್ತಿವೆ. ಯುದ್ಧ, ಶಾಂತಿ, ವಾಣಿಜ್ಯ, ತಂತ್ರಜ್ಞಾನ ಹೀಗೆ ಎಲ್ಲ ಕ್ಷೇತ್ರಗಳಲ್ಲೂ ಇವುಗಳ ಪಾತ್ರ ನಿರ್ಣಾಯಕವಾಗುತ್ತಿದ್ದು, ಜಾಗತಿಕ ರಾಜಕಾರಣದ ದಿಕ್ಕನ್ನೇ ಬದಲಿಸುವ ಸಾಮರ್ಥ್ಯ ಇವುಗಳದ್ದಾಗಿದೆ ಎಂಬುದು ತಜ್ಞರ ವಿಶ್ಲೇಷಣೆ.
